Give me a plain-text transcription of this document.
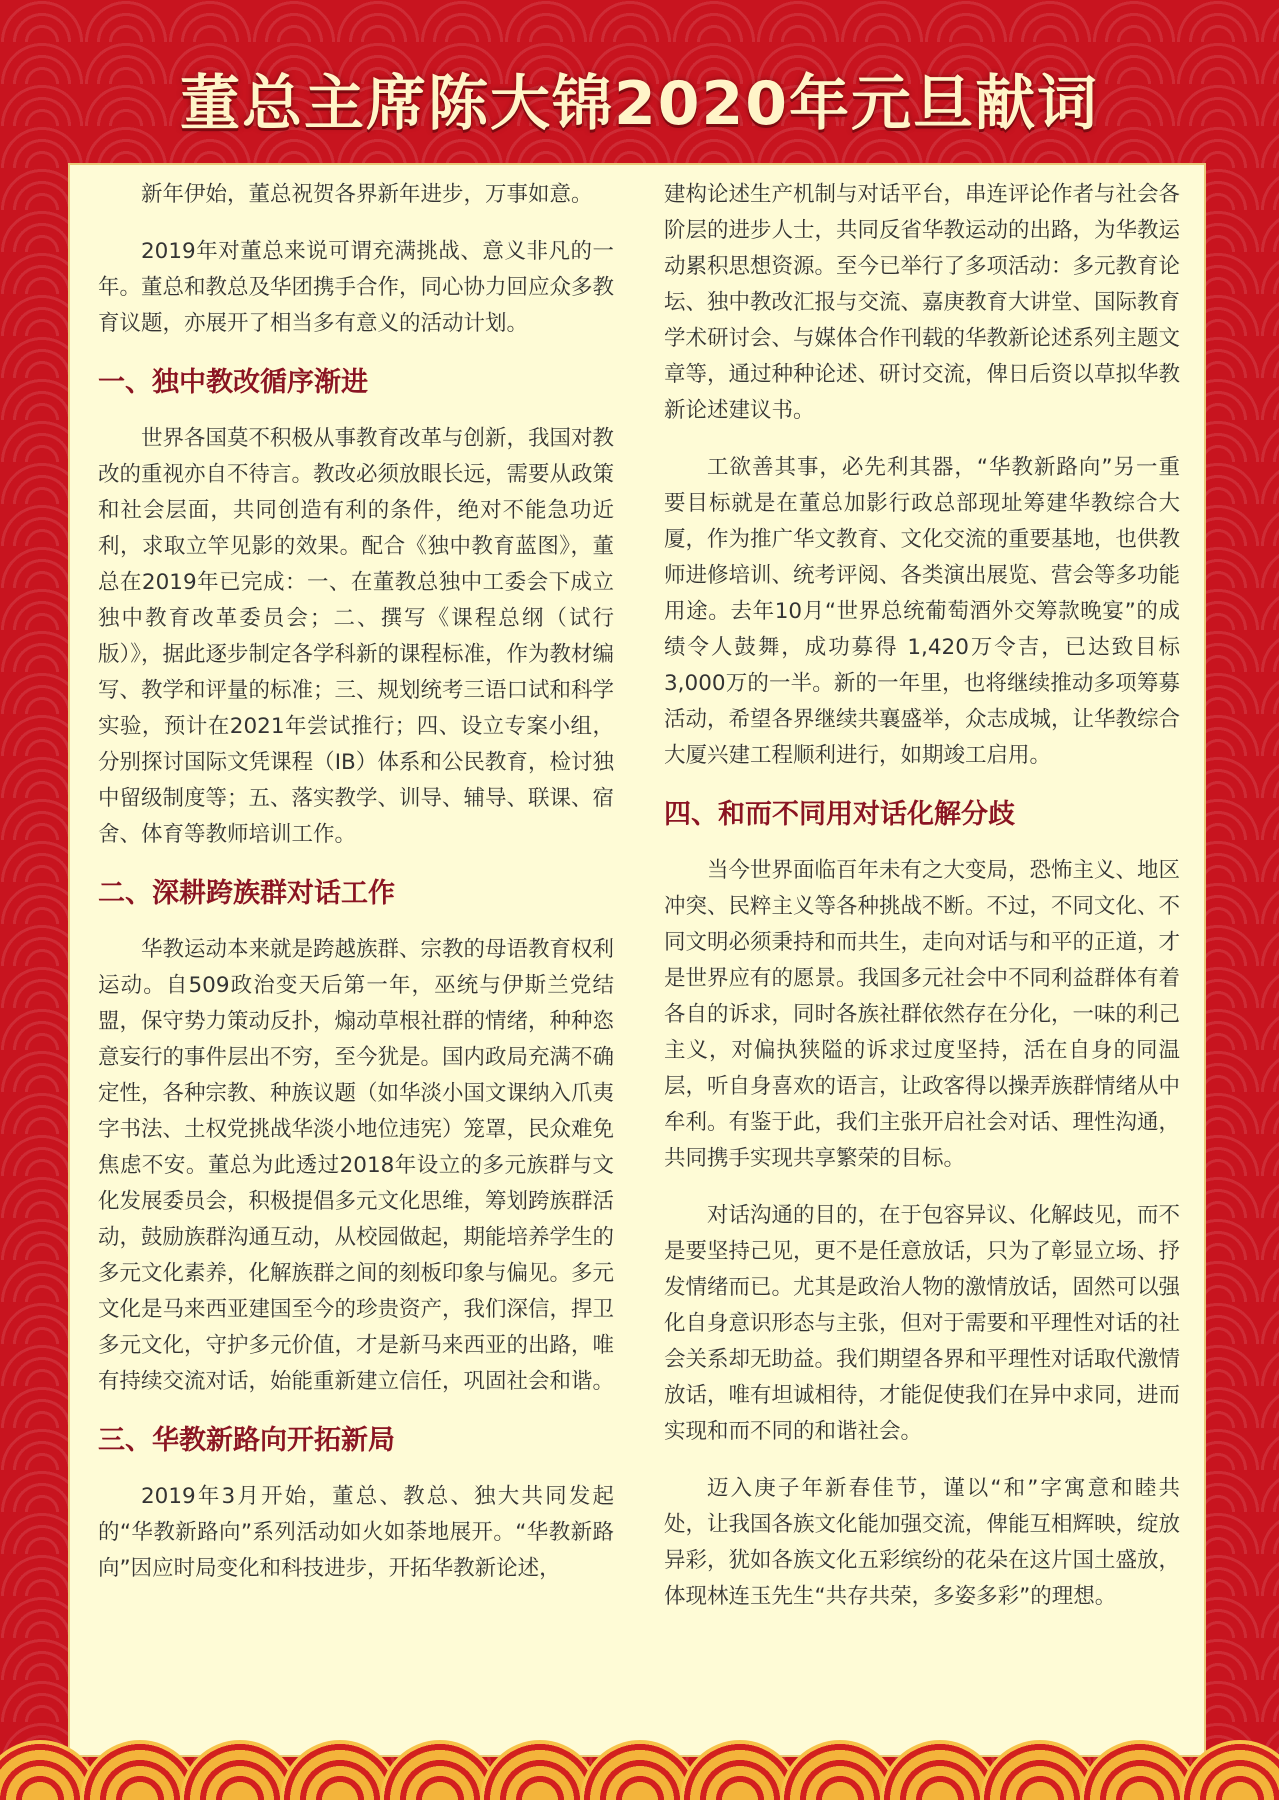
董总主席陈大锦2020年元旦献词

新年伊始，董总祝贺各界新年进步，万事如意。

2019年对董总来说可谓充满挑战、意义非凡的一年。董总和教总及华团携手合作，同心协力回应众多教育议题，亦展开了相当多有意义的活动计划。

一、独中教改循序渐进

世界各国莫不积极从事教育改革与创新，我国对教改的重视亦自不待言。教改必须放眼长远，需要从政策和社会层面，共同创造有利的条件，绝对不能急功近利，求取立竿见影的效果。配合《独中教育蓝图》，董总在2019年已完成：一、在董教总独中工委会下成立独中教育改革委员会；二、撰写《课程总纲（试行版）》，据此逐步制定各学科新的课程标准，作为教材编写、教学和评量的标准；三、规划统考三语口试和科学实验，预计在2021年尝试推行；四、设立专案小组，分别探讨国际文凭课程（IB）体系和公民教育，检讨独中留级制度等；五、落实教学、训导、辅导、联课、宿舍、体育等教师培训工作。

二、深耕跨族群对话工作

华教运动本来就是跨越族群、宗教的母语教育权利运动。自509政治变天后第一年，巫统与伊斯兰党结盟，保守势力策动反扑，煽动草根社群的情绪，种种恣意妄行的事件层出不穷，至今犹是。国内政局充满不确定性，各种宗教、种族议题（如华淡小国文课纳入爪夷字书法、土权党挑战华淡小地位违宪）笼罩，民众难免焦虑不安。董总为此透过2018年设立的多元族群与文化发展委员会，积极提倡多元文化思维，筹划跨族群活动，鼓励族群沟通互动，从校园做起，期能培养学生的多元文化素养，化解族群之间的刻板印象与偏见。多元文化是马来西亚建国至今的珍贵资产，我们深信，捍卫多元文化，守护多元价值，才是新马来西亚的出路，唯有持续交流对话，始能重新建立信任，巩固社会和谐。

三、华教新路向开拓新局

2019年3月开始，董总、教总、独大共同发起的“华教新路向”系列活动如火如荼地展开。“华教新路向”因应时局变化和科技进步，开拓华教新论述，

建构论述生产机制与对话平台，串连评论作者与社会各阶层的进步人士，共同反省华教运动的出路，为华教运动累积思想资源。至今已举行了多项活动：多元教育论坛、独中教改汇报与交流、嘉庚教育大讲堂、国际教育学术研讨会、与媒体合作刊载的华教新论述系列主题文章等，通过种种论述、研讨交流，俾日后资以草拟华教新论述建议书。

工欲善其事，必先利其器，“华教新路向”另一重要目标就是在董总加影行政总部现址筹建华教综合大厦，作为推广华文教育、文化交流的重要基地，也供教师进修培训、统考评阅、各类演出展览、营会等多功能用途。去年10月“世界总统葡萄酒外交筹款晚宴”的成绩令人鼓舞，成功募得 1,420万令吉，已达致目标3,000万的一半。新的一年里，也将继续推动多项筹募活动，希望各界继续共襄盛举，众志成城，让华教综合大厦兴建工程顺利进行，如期竣工启用。

四、和而不同用对话化解分歧

当今世界面临百年未有之大变局，恐怖主义、地区冲突、民粹主义等各种挑战不断。不过，不同文化、不同文明必须秉持和而共生，走向对话与和平的正道，才是世界应有的愿景。我国多元社会中不同利益群体有着各自的诉求，同时各族社群依然存在分化，一味的利己主义，对偏执狭隘的诉求过度坚持，活在自身的同温层，听自身喜欢的语言，让政客得以操弄族群情绪从中牟利。有鉴于此，我们主张开启社会对话、理性沟通，共同携手实现共享繁荣的目标。

对话沟通的目的，在于包容异议、化解歧见，而不是要坚持己见，更不是任意放话，只为了彰显立场、抒发情绪而已。尤其是政治人物的激情放话，固然可以强化自身意识形态与主张，但对于需要和平理性对话的社会关系却无助益。我们期望各界和平理性对话取代激情放话，唯有坦诚相待，才能促使我们在异中求同，进而实现和而不同的和谐社会。

迈入庚子年新春佳节，谨以“和”字寓意和睦共处，让我国各族文化能加强交流，俾能互相辉映，绽放异彩，犹如各族文化五彩缤纷的花朵在这片国土盛放，体现林连玉先生“共存共荣，多姿多彩”的理想。
